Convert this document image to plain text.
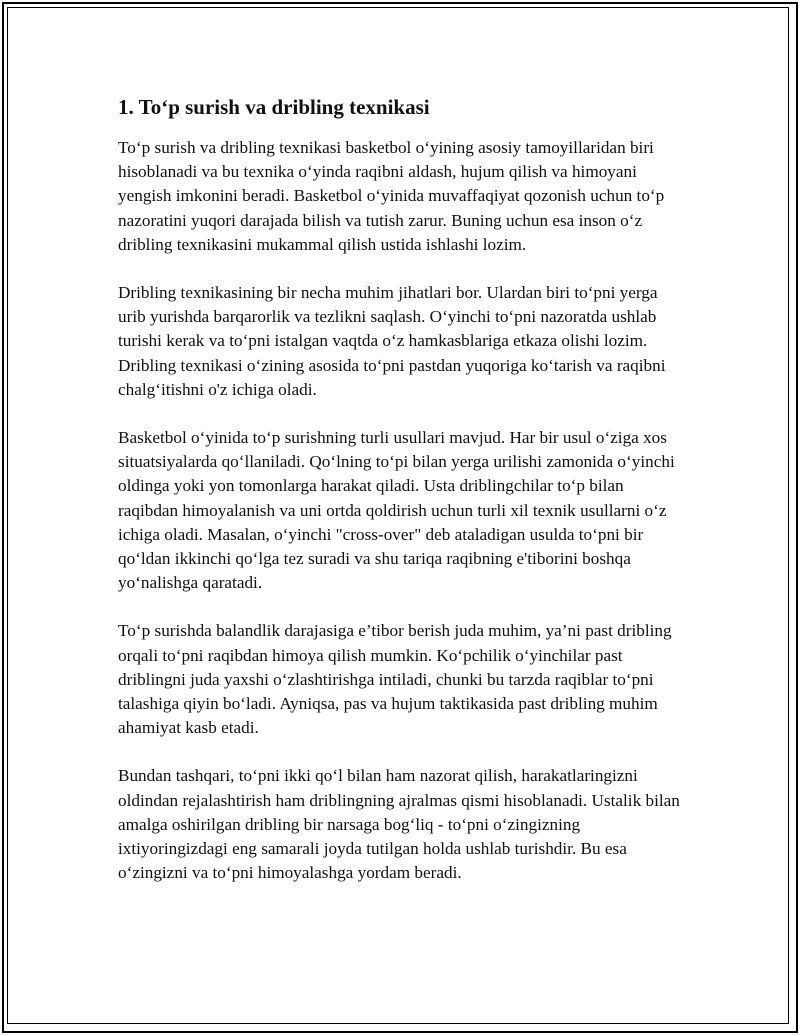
1. To‘p surish va dribling texnikasi

To‘p surish va dribling texnikasi basketbol o‘yining asosiy tamoyillaridan biri hisoblanadi va bu texnika o‘yinda raqibni aldash, hujum qilish va himoyani yengish imkonini beradi. Basketbol o‘yinida muvaffaqiyat qozonish uchun to‘p nazoratini yuqori darajada bilish va tutish zarur. Buning uchun esa inson o‘z dribling texnikasini mukammal qilish ustida ishlashi lozim.

Dribling texnikasining bir necha muhim jihatlari bor. Ulardan biri to‘pni yerga urib yurishda barqarorlik va tezlikni saqlash. O‘yinchi to‘pni nazoratda ushlab turishi kerak va to‘pni istalgan vaqtda o‘z hamkasblariga etkaza olishi lozim. Dribling texnikasi o‘zining asosida to‘pni pastdan yuqoriga ko‘tarish va raqibni chalg‘itishni o'z ichiga oladi.

Basketbol o‘yinida to‘p surishning turli usullari mavjud. Har bir usul o‘ziga xos situatsiyalarda qo‘llaniladi. Qo‘lning to‘pi bilan yerga urilishi zamonida o‘yinchi oldinga yoki yon tomonlarga harakat qiladi. Usta driblingchilar to‘p bilan raqibdan himoyalanish va uni ortda qoldirish uchun turli xil texnik usullarni o‘z ichiga oladi. Masalan, o‘yinchi "cross-over" deb ataladigan usulda to‘pni bir qo‘ldan ikkinchi qo‘lga tez suradi va shu tariqa raqibning e'tiborini boshqa yo‘nalishga qaratadi.

To‘p surishda balandlik darajasiga e’tibor berish juda muhim, ya’ni past dribling orqali to‘pni raqibdan himoya qilish mumkin. Ko‘pchilik o‘yinchilar past driblingni juda yaxshi o‘zlashtirishga intiladi, chunki bu tarzda raqiblar to‘pni talashiga qiyin bo‘ladi. Ayniqsa, pas va hujum taktikasida past dribling muhim ahamiyat kasb etadi.

Bundan tashqari, to‘pni ikki qo‘l bilan ham nazorat qilish, harakatlaringizni oldindan rejalashtirish ham driblingning ajralmas qismi hisoblanadi. Ustalik bilan amalga oshirilgan dribling bir narsaga bog‘liq - to‘pni o‘zingizning ixtiyoringizdagi eng samarali joyda tutilgan holda ushlab turishdir. Bu esa o‘zingizni va to‘pni himoyalashga yordam beradi.
